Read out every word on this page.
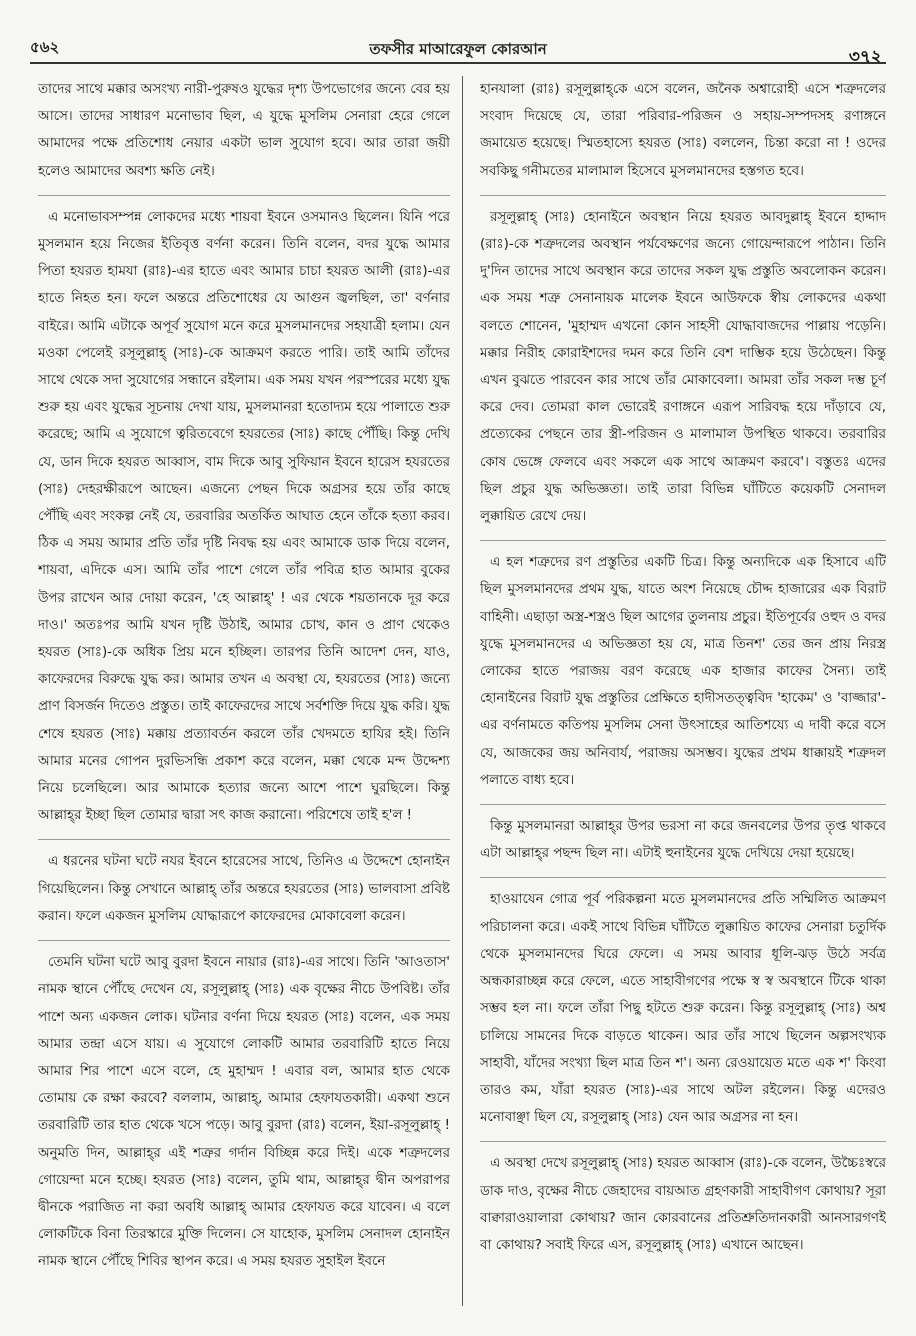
৫৬২	তফসীর মাআরেফুল কোরআন	৩৭২

তাদের সাথে মক্কার অসংখ্য নারী-পুরুষও যুদ্ধের দৃশ্য উপভোগের জন্যে বের হয় আসে। তাদের সাধারণ মনোভাব ছিল, এ যুদ্ধে মুসলিম সেনারা হেরে গেলে আমাদের পক্ষে প্রতিশোধ নেয়ার একটা ভাল সুযোগ হবে। আর তারা জয়ী হলেও আমাদের অবশ্য ক্ষতি নেই।

এ মনোভাবসম্পন্ন লোকদের মধ্যে শায়বা ইবনে ওসমানও ছিলেন। যিনি পরে মুসলমান হয়ে নিজের ইতিবৃত্ত বর্ণনা করেন। তিনি বলেন, বদর যুদ্ধে আমার পিতা হযরত হামযা (রাঃ)-এর হাতে এবং আমার চাচা হযরত আলী (রাঃ)-এর হাতে নিহত হন। ফলে অন্তরে প্রতিশোধের যে আগুন জ্বলছিল, তা' বর্ণনার বাইরে। আমি এটাকে অপূর্ব সুযোগ মনে করে মুসলমানদের সহযাত্রী হলাম। যেন মওকা পেলেই রসূলুল্লাহ্ (সাঃ)-কে আক্রমণ করতে পারি। তাই আমি তাঁদের সাথে থেকে সদা সুযোগের সন্ধানে রইলাম। এক সময় যখন পরস্পরের মধ্যে যুদ্ধ শুরু হয় এবং যুদ্ধের সূচনায় দেখা যায়, মুসলমানরা হতোদ্যম হয়ে পালাতে শুরু করেছে; আমি এ সুযোগে ত্বরিতবেগে হযরতের (সাঃ) কাছে পৌঁছি। কিন্তু দেখি যে, ডান দিকে হযরত আব্বাস, বাম দিকে আবু সুফিয়ান ইবনে হারেস হযরতের (সাঃ) দেহরক্ষীরূপে আছেন। এজন্যে পেছন দিকে অগ্রসর হয়ে তাঁর কাছে পৌঁছি এবং সংকল্প নেই যে, তরবারির অতর্কিত আঘাত হেনে তাঁকে হত্যা করব। ঠিক এ সময় আমার প্রতি তাঁর দৃষ্টি নিবদ্ধ হয় এবং আমাকে ডাক দিয়ে বলেন, শায়বা, এদিকে এস। আমি তাঁর পাশে গেলে তাঁর পবিত্র হাত আমার বুকের উপর রাখেন আর দোয়া করেন, 'হে আল্লাহ্' ! এর থেকে শয়তানকে দূর করে দাও।' অতঃপর আমি যখন দৃষ্টি উঠাই, আমার চোখ, কান ও প্রাণ থেকেও হযরত (সাঃ)-কে অধিক প্রিয় মনে হচ্ছিল। তারপর তিনি আদেশ দেন, যাও, কাফেরদের বিরুদ্ধে যুদ্ধ কর। আমার তখন এ অবস্থা যে, হযরতের (সাঃ) জন্যে প্রাণ বিসর্জন দিতেও প্রস্তুত। তাই কাফেরদের সাথে সর্বশক্তি দিয়ে যুদ্ধ করি। যুদ্ধ শেষে হযরত (সাঃ) মক্কায় প্রত্যাবর্তন করলে তাঁর খেদমতে হাযির হই। তিনি আমার মনের গোপন দুরভিসন্ধি প্রকাশ করে বলেন, মক্কা থেকে মন্দ উদ্দেশ্য নিয়ে চলেছিলে। আর আমাকে হত্যার জন্যে আশে পাশে ঘুরছিলে। কিন্তু আল্লাহ্‌র ইচ্ছা ছিল তোমার দ্বারা সৎ কাজ করানো। পরিশেষে তাই হ'ল !

এ ধরনের ঘটনা ঘটে নযর ইবনে হারেসের সাথে, তিনিও এ উদ্দেশে হোনাইন গিয়েছিলেন। কিন্তু সেখানে আল্লাহ্ তাঁর অন্তরে হযরতের (সাঃ) ভালবাসা প্রবিষ্ট করান। ফলে একজন মুসলিম যোদ্ধারূপে কাফেরদের মোকাবেলা করেন।

তেমনি ঘটনা ঘটে আবু বুরদা ইবনে নায়ার (রাঃ)-এর সাথে। তিনি 'আওতাস' নামক স্থানে পৌঁছে দেখেন যে, রসূলুল্লাহ্ (সাঃ) এক বৃক্ষের নীচে উপবিষ্ট। তাঁর পাশে অন্য একজন লোক। ঘটনার বর্ণনা দিয়ে হযরত (সাঃ) বলেন, এক সময় আমার তন্দ্রা এসে যায়। এ সুযোগে লোকটি আমার তরবারিটি হাতে নিয়ে আমার শির পাশে এসে বলে, হে মুহাম্মদ ! এবার বল, আমার হাত থেকে তোমায় কে রক্ষা করবে? বললাম, আল্লাহ্, আমার হেফাযতকারী। একথা শুনে তরবারিটি তার হাত থেকে খসে পড়ে। আবু বুরদা (রাঃ) বলেন, ইয়া-রসূলুল্লাহ্ ! অনুমতি দিন, আল্লাহ্‌র এই শত্রুর গর্দান বিচ্ছিন্ন করে দিই। একে শত্রুদলের গোয়েন্দা মনে হচ্ছে। হযরত (সাঃ) বলেন, তুমি থাম, আল্লাহ্‌র দ্বীন অপরাপর দ্বীনকে পরাজিত না করা অবধি আল্লাহ্ আমার হেফাযত করে যাবেন। এ বলে লোকটিকে বিনা তিরস্কারে মুক্তি দিলেন। সে যাহোক, মুসলিম সেনাদল হোনাইন নামক স্থানে পৌঁছে শিবির স্থাপন করে। এ সময় হযরত সুহাইল ইবনে

হানযালা (রাঃ) রসূলুল্লাহ্‌কে এসে বলেন, জনৈক অশ্বারোহী এসে শত্রুদলের সংবাদ দিয়েছে যে, তারা পরিবার-পরিজন ও সহায়-সম্পদসহ রণাঙ্গনে জমায়েত হয়েছে। স্মিতহাস্যে হযরত (সাঃ) বললেন, চিন্তা করো না ! ওদের সবকিছু গনীমতের মালামাল হিসেবে মুসলমানদের হস্তগত হবে।

রসূলুল্লাহ্ (সাঃ) হোনাইনে অবস্থান নিয়ে হযরত আবদুল্লাহ্ ইবনে হাদ্দাদ (রাঃ)-কে শত্রুদলের অবস্থান পর্যবেক্ষণের জন্যে গোয়েন্দারূপে পাঠান। তিনি দু'দিন তাদের সাথে অবস্থান করে তাদের সকল যুদ্ধ প্রস্তুতি অবলোকন করেন। এক সময় শত্রু সেনানায়ক মালেক ইবনে আউফকে স্বীয় লোকদের একথা বলতে শোনেন, 'মুহাম্মদ এখনো কোন সাহসী যোদ্ধাবাজদের পাল্লায় পড়েনি। মক্কার নিরীহ কোরাইশদের দমন করে তিনি বেশ দাম্ভিক হয়ে উঠেছেন। কিন্তু এখন বুঝতে পারবেন কার সাথে তাঁর মোকাবেলা। আমরা তাঁর সকল দম্ভ চূর্ণ করে দেব। তোমরা কাল ভোরেই রণাঙ্গনে এরূপ সারিবদ্ধ হয়ে দাঁড়াবে যে, প্রত্যেকের পেছনে তার স্ত্রী-পরিজন ও মালামাল উপস্থিত থাকবে। তরবারির কোষ ভেঙ্গে ফেলবে এবং সকলে এক সাথে আক্রমণ করবে'। বস্তুতঃ এদের ছিল প্রচুর যুদ্ধ অভিজ্ঞতা। তাই তারা বিভিন্ন ঘাঁটিতে কয়েকটি সেনাদল লুক্কায়িত রেখে দেয়।

এ হল শত্রুদের রণ প্রস্তুতির একটি চিত্র। কিন্তু অন্যদিকে এক হিসাবে এটি ছিল মুসলমানদের প্রথম যুদ্ধ, যাতে অংশ নিয়েছে চৌদ্দ হাজারের এক বিরাট বাহিনী। এছাড়া অস্ত্র-শস্ত্রও ছিল আগের তুলনায় প্রচুর। ইতিপূর্বের ওহুদ ও বদর যুদ্ধে মুসলমানদের এ অভিজ্ঞতা হয় যে, মাত্র তিনশ' তের জন প্রায় নিরস্ত্র লোকের হাতে পরাজয় বরণ করেছে এক হাজার কাফের সৈন্য। তাই হোনাইনের বিরাট যুদ্ধ প্রস্তুতির প্রেক্ষিতে হাদীসতত্ত্ববিদ 'হাকেম' ও 'বাজ্জার'-এর বর্ণনামতে কতিপয় মুসলিম সেনা উৎসাহের আতিশয্যে এ দাবী করে বসে যে, আজকের জয় অনিবার্য, পরাজয় অসম্ভব। যুদ্ধের প্রথম ধাক্কায়ই শত্রুদল পলাতে বাধ্য হবে।

কিন্তু মুসলমানরা আল্লাহ্‌র উপর ভরসা না করে জনবলের উপর তৃপ্ত থাকবে এটা আল্লাহ্‌র পছন্দ ছিল না। এটাই হুনাইনের যুদ্ধে দেখিয়ে দেয়া হয়েছে।

হাওয়াযেন গোত্র পূর্ব পরিকল্পনা মতে মুসলমানদের প্রতি সম্মিলিত আক্রমণ পরিচালনা করে। একই সাথে বিভিন্ন ঘাঁটিতে লুক্কায়িত কাফের সেনারা চতুর্দিক থেকে মুসলমানদের ঘিরে ফেলে। এ সময় আবার ধূলি-ঝড় উঠে সর্বত্র অন্ধকারাচ্ছন্ন করে ফেলে, এতে সাহাবীগণের পক্ষে স্ব স্ব অবস্থানে টিকে থাকা সম্ভব হল না। ফলে তাঁরা পিছু হটতে শুরু করেন। কিন্তু রসূলুল্লাহ্ (সাঃ) অশ্ব চালিয়ে সামনের দিকে বাড়তে থাকেন। আর তাঁর সাথে ছিলেন অল্পসংখ্যক সাহাবী, যাঁদের সংখ্যা ছিল মাত্র তিন শ'। অন্য রেওয়ায়েত মতে এক শ' কিংবা তারও কম, যাঁরা হযরত (সাঃ)-এর সাথে অটল রইলেন। কিন্তু এদেরও মনোবাঞ্ছা ছিল যে, রসূলুল্লাহ্ (সাঃ) যেন আর অগ্রসর না হন।

এ অবস্থা দেখে রসূলুল্লাহ্ (সাঃ) হযরত আব্বাস (রাঃ)-কে বলেন, উচ্চৈঃস্বরে ডাক দাও, বৃক্ষের নীচে জেহাদের বায়আত গ্রহণকারী সাহাবীগণ কোথায়? সূরা বাক্বারাওয়ালারা কোথায়? জান কোরবানের প্রতিশ্রুতিদানকারী আনসারগণই বা কোথায়? সবাই ফিরে এস, রসূলুল্লাহ্ (সাঃ) এখানে আছেন।
